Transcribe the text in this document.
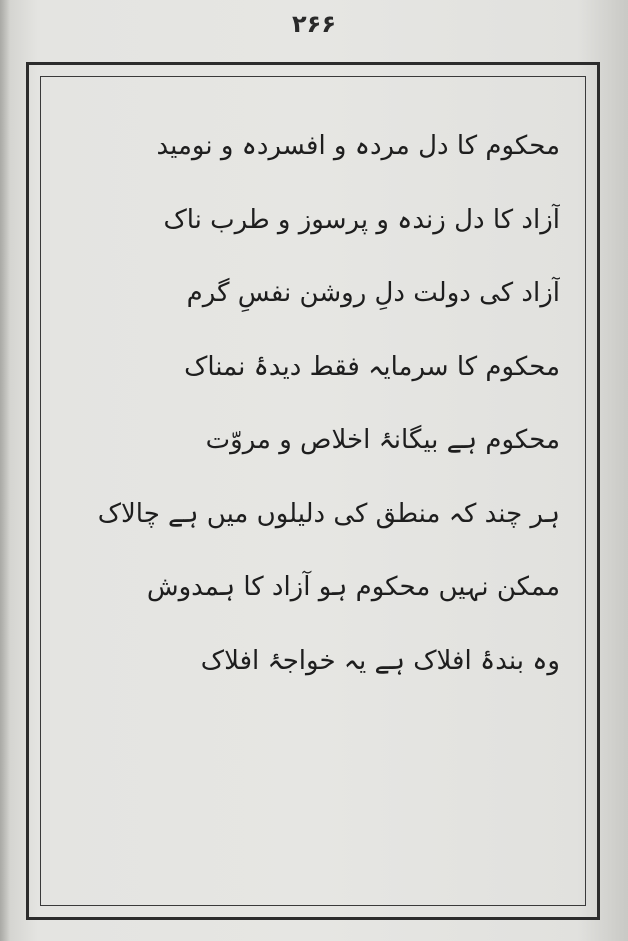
۲۶۶
محکوم کا دل مردہ و افسردہ و نومید
آزاد کا دل زندہ و پرسوز و طرب ناک
آزاد کی دولت دلِ روشن نفسِ گرم
محکوم کا سرمایہ فقط دیدۂ نمناک
محکوم ہے بیگانۂ اخلاص و مروّت
ہر چند کہ منطق کی دلیلوں میں ہے چالاک
ممکن نہیں محکوم ہو آزاد کا ہمدوش
وہ بندۂ افلاک ہے یہ خواجۂ افلاک
